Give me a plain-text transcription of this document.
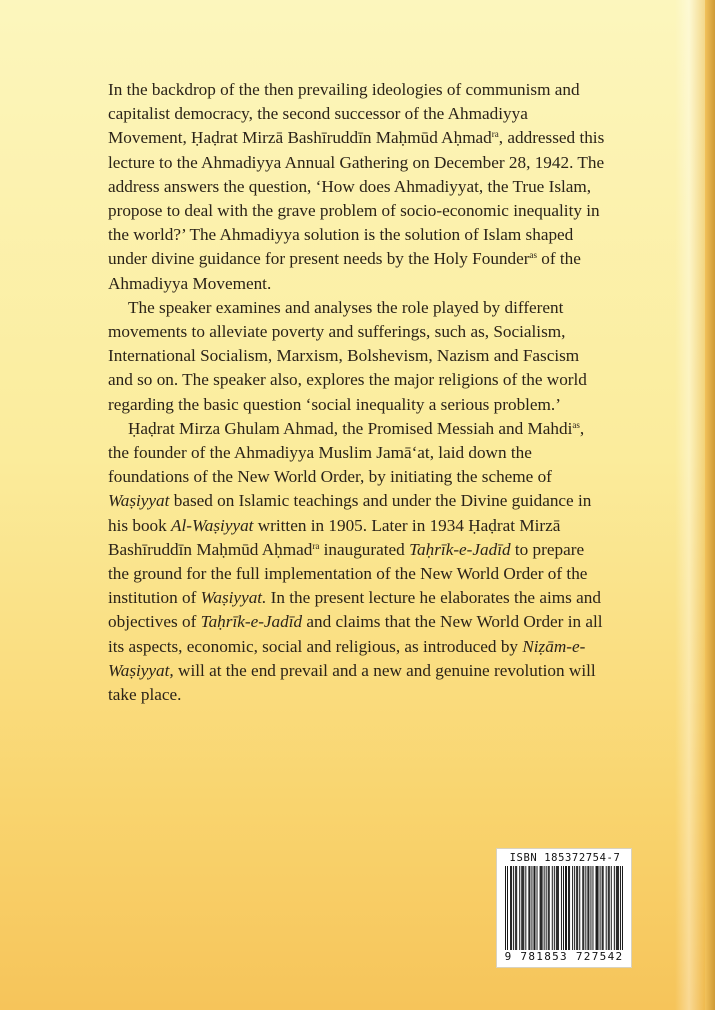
In the backdrop of the then prevailing ideologies of communism and capitalist democracy, the second successor of the Ahmadiyya Movement, Ḥaḍrat Mirzā Bashīruddīn Maḥmūd Aḥmad$^{ra}$, addressed this lecture to the Ahmadiyya Annual Gathering on December 28, 1942. The address answers the question, ‘How does Ahmadiyyat, the True Islam, propose to deal with the grave problem of socio-economic inequality in the world?’ The Ahmadiyya solution is the solution of Islam shaped under divine guidance for present needs by the Holy Founder$^{as}$ of the Ahmadiyya Movement.

The speaker examines and analyses the role played by different movements to alleviate poverty and sufferings, such as, Socialism, International Socialism, Marxism, Bolshevism, Nazism and Fascism and so on. The speaker also, explores the major religions of the world regarding the basic question ‘social inequality a serious problem.’

Ḥaḍrat Mirza Ghulam Ahmad, the Promised Messiah and Mahdi$^{as}$, the founder of the Ahmadiyya Muslim Jamā‘at, laid down the foundations of the New World Order, by initiating the scheme of Waṣiyyat based on Islamic teachings and under the Divine guidance in his book Al-Waṣiyyat written in 1905. Later in 1934 Ḥaḍrat Mirzā Bashīruddīn Maḥmūd Aḥmad$^{ra}$ inaugurated Taḥrīk-e-Jadīd to prepare the ground for the full implementation of the New World Order of the institution of Waṣiyyat. In the present lecture he elaborates the aims and objectives of Taḥrīk-e-Jadīd and claims that the New World Order in all its aspects, economic, social and religious, as introduced by Niẓām-e-Waṣiyyat, will at the end prevail and a new and genuine revolution will take place.

ISBN 185372754-7
9 781853 727542
